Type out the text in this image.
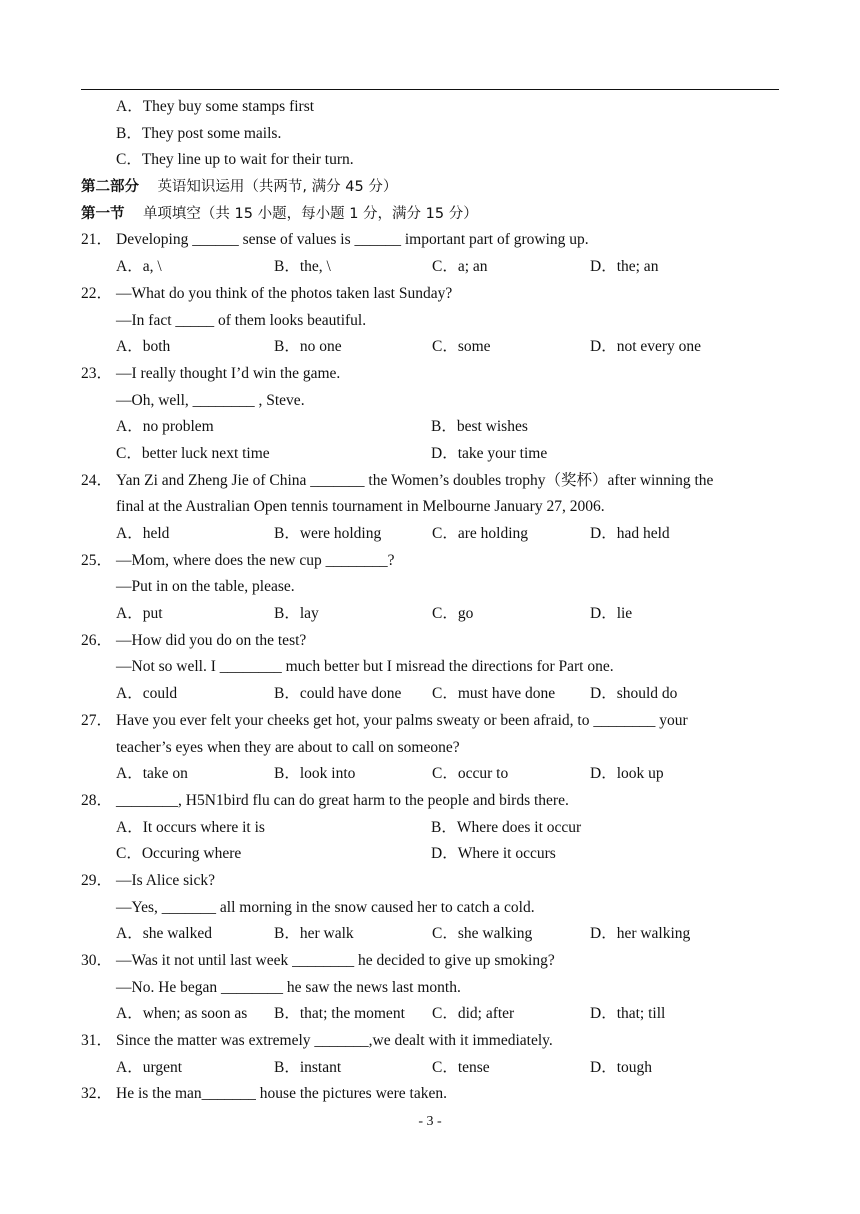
A．They buy some stamps first
B．They post some mails.
C．They line up to wait for their turn.
第二部分 英语知识运用（共两节, 满分 45 分）
第一节 单项填空（共 15 小题，每小题 1 分，满分 15 分）
21． Developing ______ sense of values is ______ important part of growing up.
A．a, \	B．the, \	C．a; an	D．the; an
22． —What do you think of the photos taken last Sunday?
—In fact _____ of them looks beautiful.
A．both	B．no one	C．some	D．not every one
23． —I really thought I’d win the game.
—Oh, well, ________ , Steve.
A．no problem	B．best wishes
C．better luck next time	D．take your time
24． Yan Zi and Zheng Jie of China _______ the Women’s doubles trophy（奖杯）after winning the
final at the Australian Open tennis tournament in Melbourne January 27, 2006.
A．held	B．were holding	C．are holding	D．had held
25． —Mom, where does the new cup ________?
—Put in on the table, please.
A．put	B．lay	C．go	D．lie
26． —How did you do on the test?
—Not so well. I ________ much better but I misread the directions for Part one.
A．could	B．could have done	C．must have done	D．should do
27． Have you ever felt your cheeks get hot, your palms sweaty or been afraid, to ________ your
teacher’s eyes when they are about to call on someone?
A．take on	B．look into	C．occur to	D．look up
28． ________, H5N1bird flu can do great harm to the people and birds there.
A．It occurs where it is	B．Where does it occur
C．Occuring where	D．Where it occurs
29． —Is Alice sick?
—Yes, _______ all morning in the snow caused her to catch a cold.
A．she walked	B．her walk	C．she walking	D．her walking
30． —Was it not until last week ________ he decided to give up smoking?
—No. He began ________ he saw the news last month.
A．when; as soon as	B．that; the moment	C．did; after	D．that; till
31． Since the matter was extremely _______,we dealt with it immediately.
A．urgent	B．instant	C．tense	D．tough
32． He is the man_______ house the pictures were taken.
- 3 -
